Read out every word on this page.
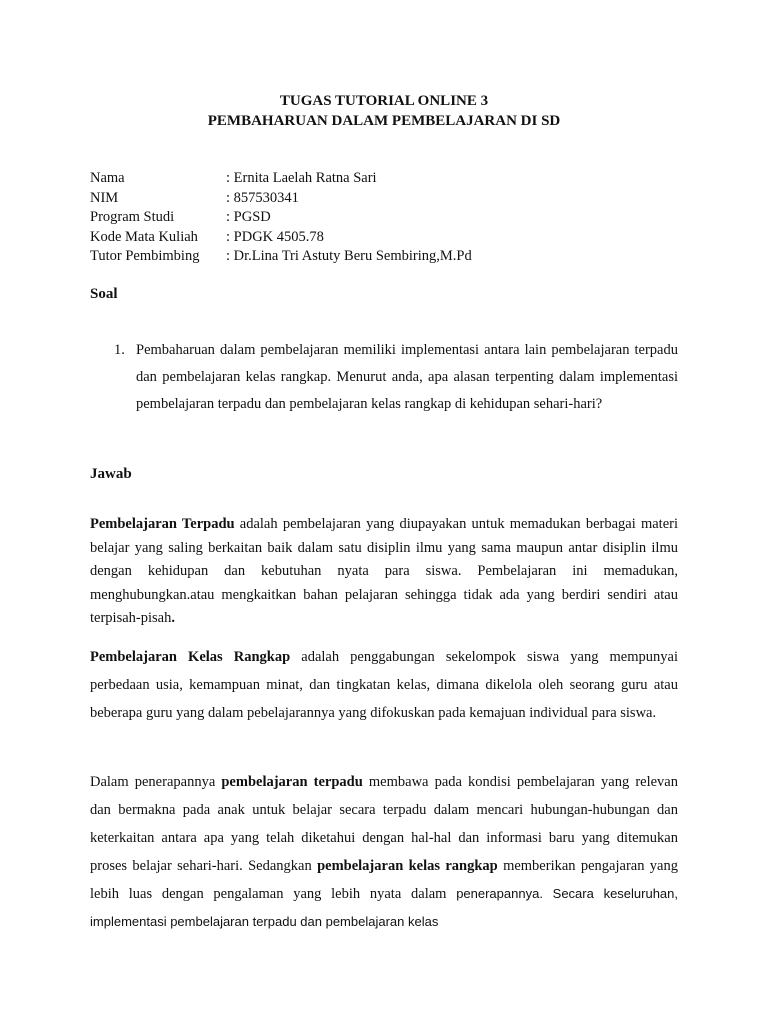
TUGAS TUTORIAL ONLINE 3
PEMBAHARUAN DALAM PEMBELAJARAN DI SD
Nama	: Ernita Laelah Ratna Sari
NIM	: 857530341
Program Studi	: PGSD
Kode Mata Kuliah : PDGK 4505.78
Tutor Pembimbing : Dr.Lina Tri Astuty Beru Sembiring,M.Pd
Soal
1. Pembaharuan dalam pembelajaran memiliki implementasi antara lain pembelajaran terpadu dan pembelajaran kelas rangkap. Menurut anda, apa alasan terpenting dalam implementasi pembelajaran terpadu dan pembelajaran kelas rangkap di kehidupan sehari-hari?
Jawab
Pembelajaran Terpadu adalah pembelajaran yang diupayakan untuk memadukan berbagai materi belajar yang saling berkaitan baik dalam satu disiplin ilmu yang sama maupun antar disiplin ilmu dengan kehidupan dan kebutuhan nyata para siswa. Pembelajaran ini memadukan, menghubungkan.atau mengkaitkan bahan pelajaran sehingga tidak ada yang berdiri sendiri atau terpisah-pisah.
Pembelajaran Kelas Rangkap adalah penggabungan sekelompok siswa yang mempunyai perbedaan usia, kemampuan minat, dan tingkatan kelas, dimana dikelola oleh seorang guru atau beberapa guru yang dalam pebelajarannya yang difokuskan pada kemajuan individual para siswa.
Dalam penerapannya pembelajaran terpadu membawa pada kondisi pembelajaran yang relevan dan bermakna pada anak untuk belajar secara terpadu dalam mencari hubungan-hubungan dan keterkaitan antara apa yang telah diketahui dengan hal-hal dan informasi baru yang ditemukan proses belajar sehari-hari. Sedangkan pembelajaran kelas rangkap memberikan pengajaran yang lebih luas dengan pengalaman yang lebih nyata dalam penerapannya. Secara keseluruhan, implementasi pembelajaran terpadu dan pembelajaran kelas
